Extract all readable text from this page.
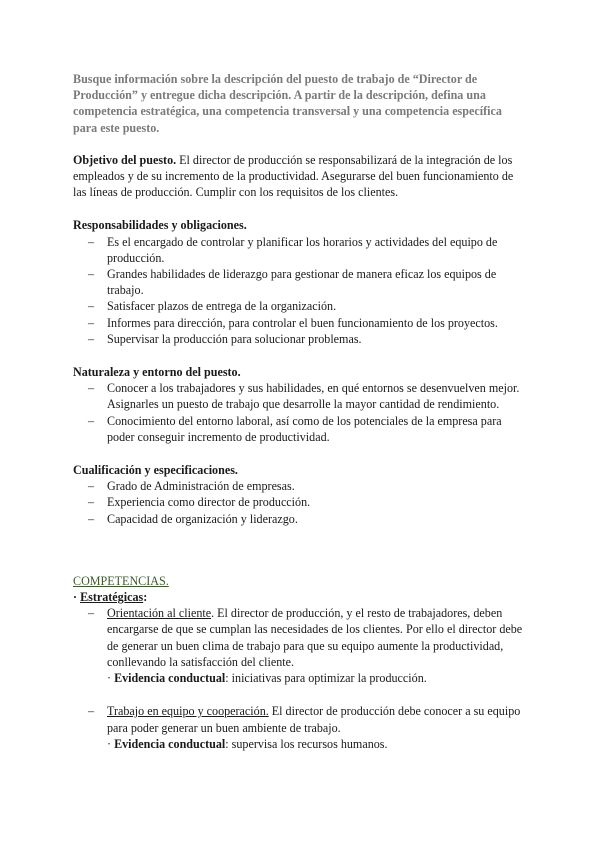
Busque información sobre la descripción del puesto de trabajo de “Director de Producción” y entregue dicha descripción. A partir de la descripción, defina una competencia estratégica, una competencia transversal y una competencia específica para este puesto.

Objetivo del puesto. El director de producción se responsabilizará de la integración de los empleados y de su incremento de la productividad. Asegurarse del buen funcionamiento de las líneas de producción. Cumplir con los requisitos de los clientes.

Responsabilidades y obligaciones.

– Es el encargado de controlar y planificar los horarios y actividades del equipo de producción.
– Grandes habilidades de liderazgo para gestionar de manera eficaz los equipos de trabajo.
– Satisfacer plazos de entrega de la organización.
– Informes para dirección, para controlar el buen funcionamiento de los proyectos.
– Supervisar la producción para solucionar problemas.

Naturaleza y entorno del puesto.

– Conocer a los trabajadores y sus habilidades, en qué entornos se desenvuelven mejor. Asignarles un puesto de trabajo que desarrolle la mayor cantidad de rendimiento.
– Conocimiento del entorno laboral, así como de los potenciales de la empresa para poder conseguir incremento de productividad.

Cualificación y especificaciones.

– Grado de Administración de empresas.
– Experiencia como director de producción.
– Capacidad de organización y liderazgo.

COMPETENCIAS.

· Estratégicas:

– Orientación al cliente. El director de producción, y el resto de trabajadores, deben encargarse de que se cumplan las necesidades de los clientes. Por ello el director debe de generar un buen clima de trabajo para que su equipo aumente la productividad, conllevando la satisfacción del cliente.

· Evidencia conductual: iniciativas para optimizar la producción.

– Trabajo en equipo y cooperación. El director de producción debe conocer a su equipo para poder generar un buen ambiente de trabajo.

· Evidencia conductual: supervisa los recursos humanos.
